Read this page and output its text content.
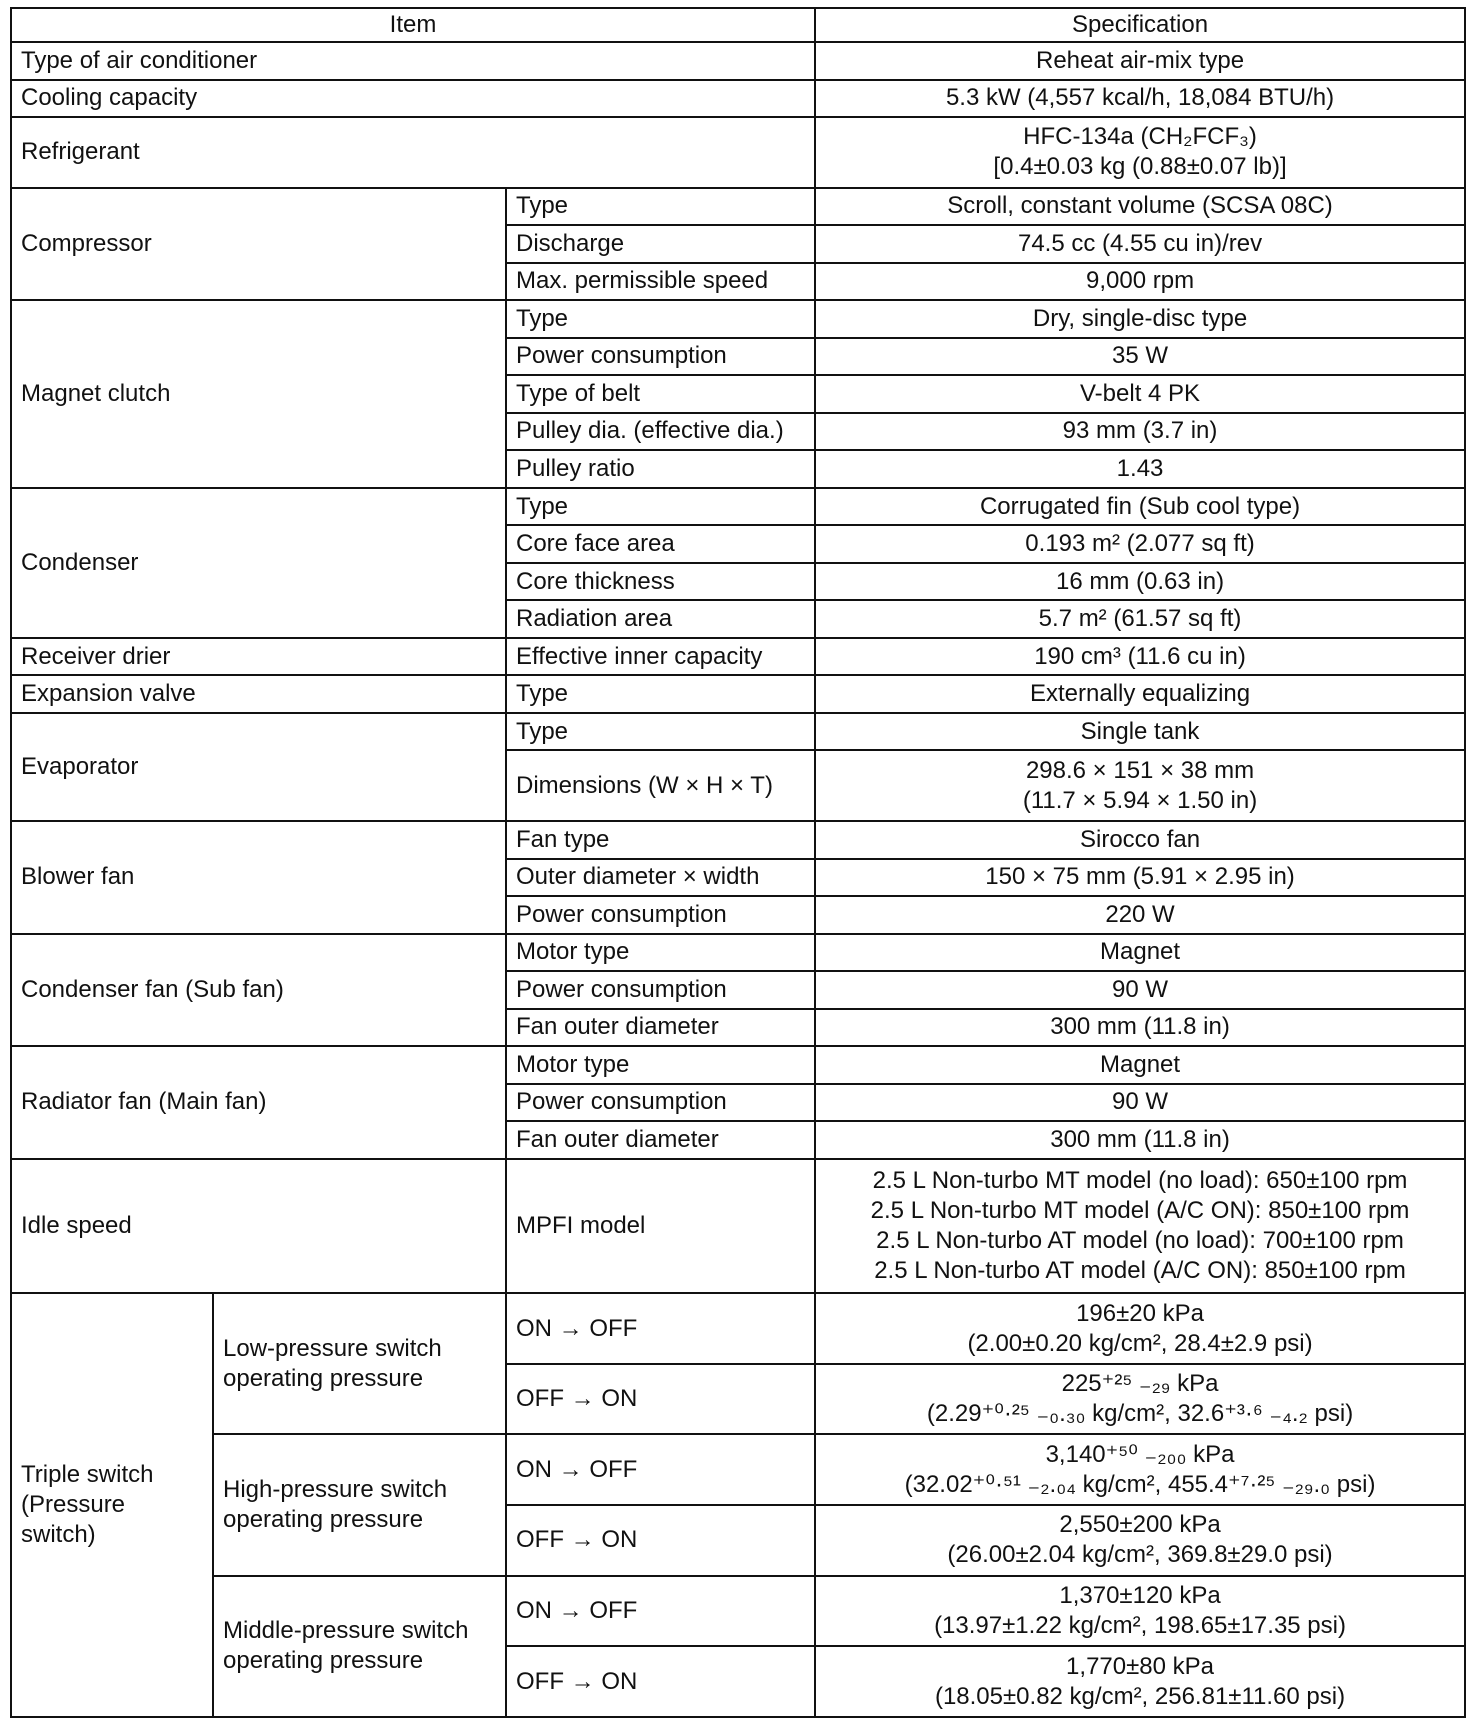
Item			Specification
Type of air conditioner			Reheat air-mix type

Cooling capacity			5.3 kW (4,557 kcal/h, 18,084 BTU/h)

Refrigerant			HFC-134a (CH₂FCF₃)
[0.4±0.03 kg (0.88±0.07 lb)]

Compressor		Type	Scroll, constant volume (SCSA 08C)

		Discharge	74.5 cc (4.55 cu in)/rev

		Max. permissible speed	9,000 rpm

Magnet clutch		Type	Dry, single-disc type

		Power consumption	35 W

		Type of belt	V-belt 4 PK

		Pulley dia. (effective dia.)	93 mm (3.7 in)

		Pulley ratio	1.43

Condenser		Type	Corrugated fin (Sub cool type)

		Core face area	0.193 m² (2.077 sq ft)

		Core thickness	16 mm (0.63 in)

		Radiation area	5.7 m² (61.57 sq ft)

Receiver drier		Effective inner capacity	190 cm³ (11.6 cu in)

Expansion valve		Type	Externally equalizing

Evaporator		Type	Single tank

		Dimensions (W × H × T)	298.6 × 151 × 38 mm
(11.7 × 5.94 × 1.50 in)

Blower fan		Fan type	Sirocco fan

		Outer diameter × width	150 × 75 mm (5.91 × 2.95 in)

		Power consumption	220 W

Condenser fan (Sub fan)		Motor type	Magnet

		Power consumption	90 W

		Fan outer diameter	300 mm (11.8 in)

Radiator fan (Main fan)		Motor type	Magnet

		Power consumption	90 W

		Fan outer diameter	300 mm (11.8 in)

Idle speed		MPFI model	2.5 L Non-turbo MT model (no load): 650±100 rpm
2.5 L Non-turbo MT model (A/C ON): 850±100 rpm
2.5 L Non-turbo AT model (no load): 700±100 rpm
2.5 L Non-turbo AT model (A/C ON): 850±100 rpm

Triple switch (Pressure switch)	Low-pressure switch operating pressure	ON → OFF	196±20 kPa
(2.00±0.20 kg/cm², 28.4±2.9 psi)

		OFF → ON	225⁺²⁵ ₋₂₉ kPa
(2.29⁺⁰·²⁵ ₋₀.₃₀ kg/cm², 32.6⁺³·⁶ ₋₄.₂ psi)

	High-pressure switch operating pressure	ON → OFF	3,140⁺⁵⁰ ₋₂₀₀ kPa
(32.02⁺⁰·⁵¹ ₋₂.₀₄ kg/cm², 455.4⁺⁷·²⁵ ₋₂₉.₀ psi)

		OFF → ON	2,550±200 kPa
(26.00±2.04 kg/cm², 369.8±29.0 psi)

	Middle-pressure switch operating pressure	ON → OFF	1,370±120 kPa
(13.97±1.22 kg/cm², 198.65±17.35 psi)

		OFF → ON	1,770±80 kPa
(18.05±0.82 kg/cm², 256.81±11.60 psi)
